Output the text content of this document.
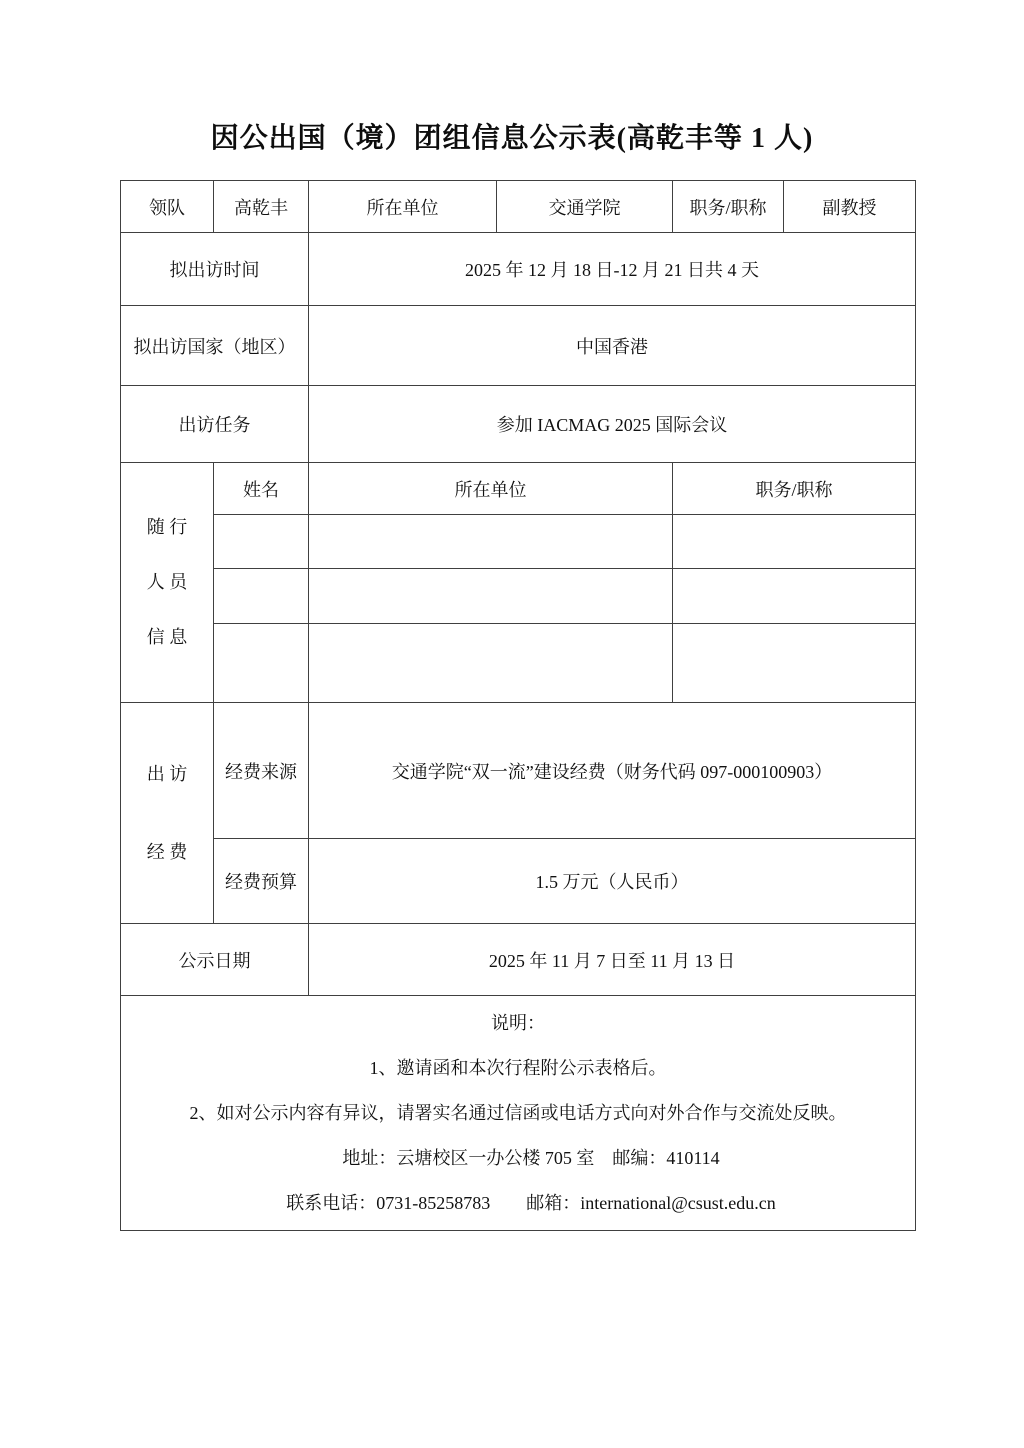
因公出国（境）团组信息公示表(高乾丰等 1 人)
领队	高乾丰	所在单位	交通学院	职务/职称	副教授
拟出访时间		2025 年 12 月 18 日-12 月 21 日共 4 天			
拟出访国家（地区）		中国香港			
出访任务		参加 IACMAG 2025 国际会议			

随 行
人 员
信 息	姓名	所在单位		职务/职称	

出 访
经 费	经费来源	交通学院“双一流”建设经费（财务代码 097-000100903）			
	经费预算	1.5 万元（人民币）			
公示日期		2025 年 11 月 7 日至 11 月 13 日			

说明：
1、邀请函和本次行程附公示表格后。
2、如对公示内容有异议，请署实名通过信函或电话方式向对外合作与交流处反映。
地址：云塘校区一办公楼 705 室　邮编：410114
联系电话：0731-85258783　　邮箱：international@csust.edu.cn					
